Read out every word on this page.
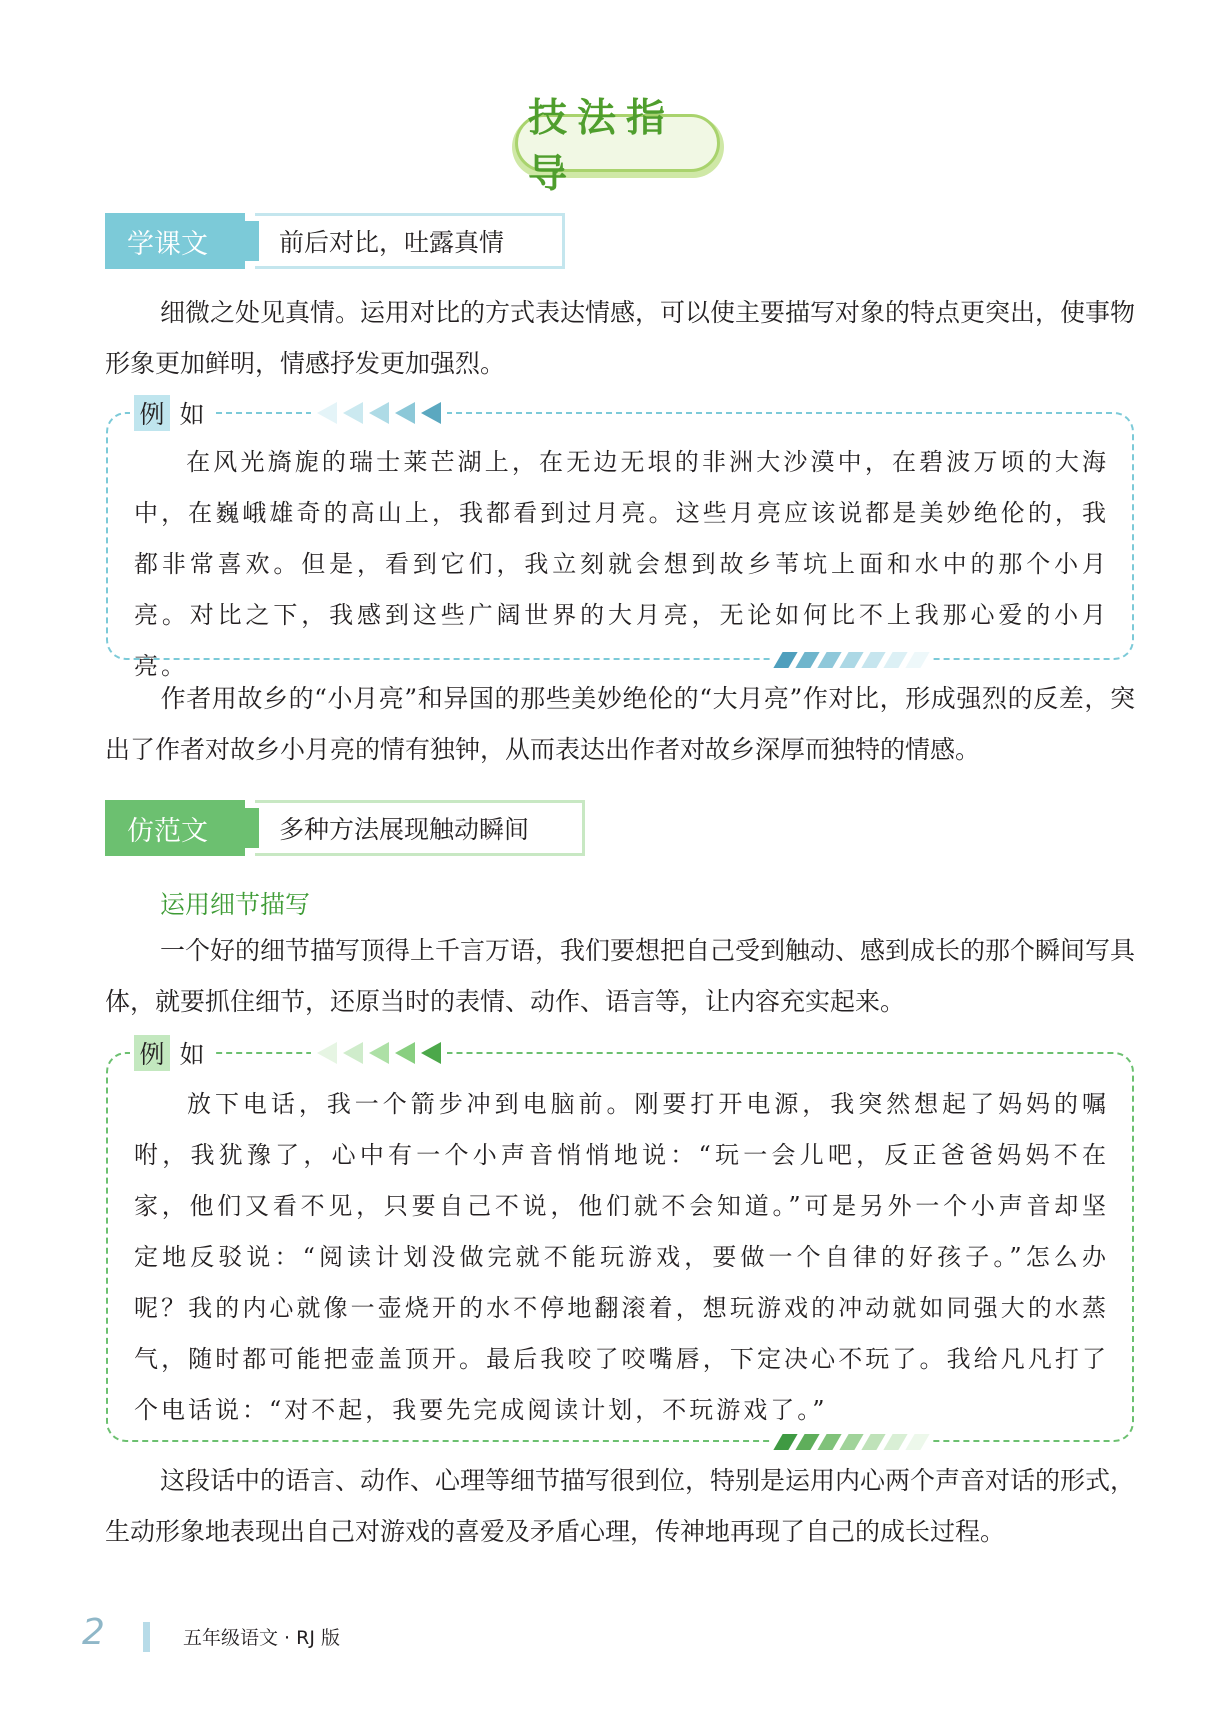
技法指导
学课文	前后对比，吐露真情
细微之处见真情。运用对比的方式表达情感，可以使主要描写对象的特点更突出，使事物形象更加鲜明，情感抒发更加强烈。
例 如
在风光旖旎的瑞士莱芒湖上，在无边无垠的非洲大沙漠中，在碧波万顷的大海中，在巍峨雄奇的高山上，我都看到过月亮。这些月亮应该说都是美妙绝伦的，我都非常喜欢。但是，看到它们，我立刻就会想到故乡苇坑上面和水中的那个小月亮。对比之下，我感到这些广阔世界的大月亮，无论如何比不上我那心爱的小月亮。
作者用故乡的“小月亮”和异国的那些美妙绝伦的“大月亮”作对比，形成强烈的反差，突出了作者对故乡小月亮的情有独钟，从而表达出作者对故乡深厚而独特的情感。
仿范文	多种方法展现触动瞬间
运用细节描写
一个好的细节描写顶得上千言万语，我们要想把自己受到触动、感到成长的那个瞬间写具体，就要抓住细节，还原当时的表情、动作、语言等，让内容充实起来。
例 如
放下电话，我一个箭步冲到电脑前。刚要打开电源，我突然想起了妈妈的嘱咐，我犹豫了，心中有一个小声音悄悄地说：“玩一会儿吧，反正爸爸妈妈不在家，他们又看不见，只要自己不说，他们就不会知道。”可是另外一个小声音却坚定地反驳说：“阅读计划没做完就不能玩游戏，要做一个自律的好孩子。”怎么办呢？我的内心就像一壶烧开的水不停地翻滚着，想玩游戏的冲动就如同强大的水蒸气，随时都可能把壶盖顶开。最后我咬了咬嘴唇，下定决心不玩了。我给凡凡打了个电话说：“对不起，我要先完成阅读计划，不玩游戏了。”
这段话中的语言、动作、心理等细节描写很到位，特别是运用内心两个声音对话的形式，生动形象地表现出自己对游戏的喜爱及矛盾心理，传神地再现了自己的成长过程。
2	五年级语文 · RJ 版
